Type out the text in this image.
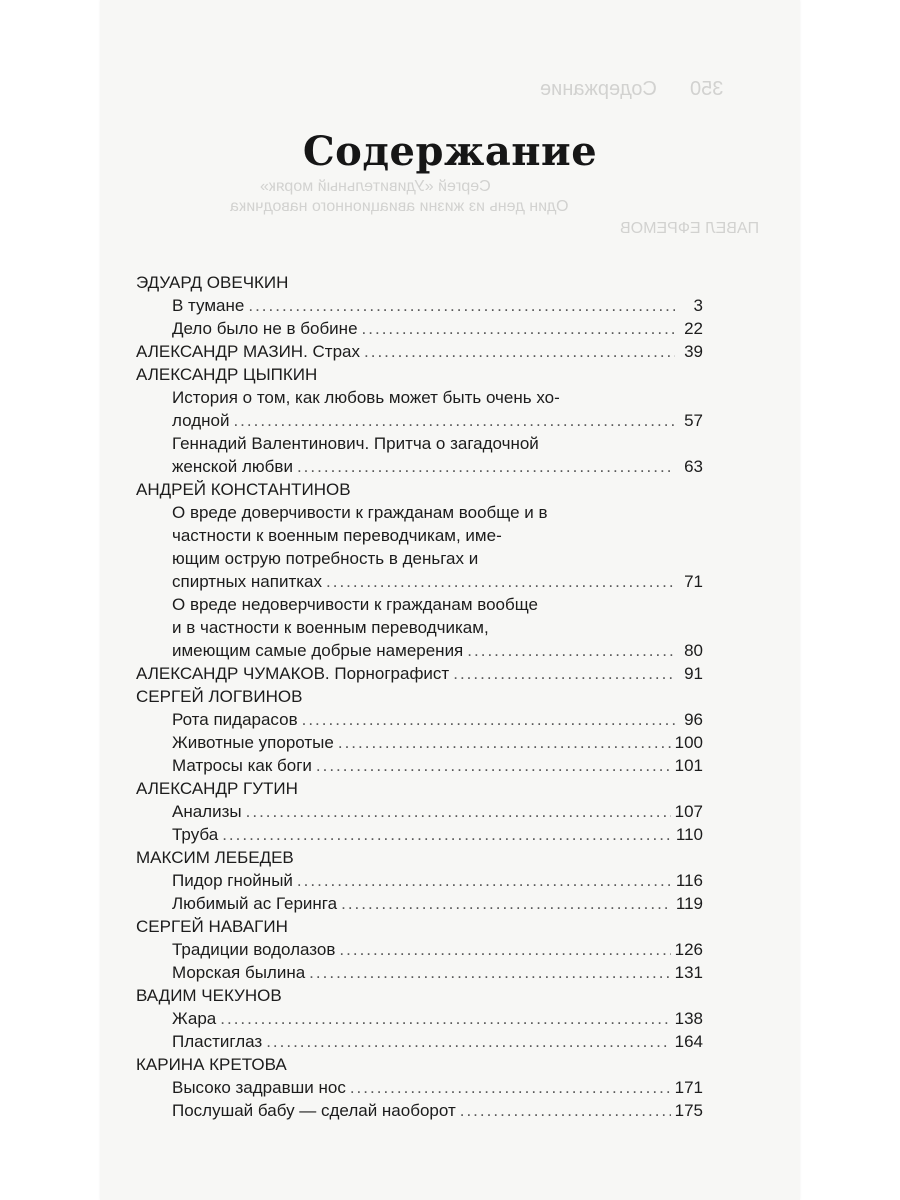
350
Содержание
Сергей «Удивительный моряк»
Один день из жизни авиационного наводчика
ПАВЕЛ ЕФРЕМОВ
Содержание
ЭДУАРД ОВЕЧКИН
В тумане .....	3
Дело было не в бобине .....	22
АЛЕКСАНДР МАЗИН. Страх .....	39
АЛЕКСАНДР ЦЫПКИН
История о том, как любовь может быть очень хо-
лодной .....	57
Геннадий Валентинович. Притча о загадочной
женской любви .....	63
АНДРЕЙ КОНСТАНТИНОВ
О вреде доверчивости к гражданам вообще и в
частности к военным переводчикам, име-
ющим острую потребность в деньгах и
спиртных напитках .....	71
О вреде недоверчивости к гражданам вообще
и в частности к военным переводчикам,
имеющим самые добрые намерения .....	80
АЛЕКСАНДР ЧУМАКОВ. Порнографист .....	91
СЕРГЕЙ ЛОГВИНОВ
Рота пидарасов .....	96
Животные упоротые .....	100
Матросы как боги .....	101
АЛЕКСАНДР ГУТИН
Анализы .....	107
Труба .....	110
МАКСИМ ЛЕБЕДЕВ
Пидор гнойный .....	116
Любимый ас Геринга .....	119
СЕРГЕЙ НАВАГИН
Традиции водолазов .....	126
Морская былина .....	131
ВАДИМ ЧЕКУНОВ
Жара .....	138
Пластиглаз .....	164
КАРИНА КРЕТОВА
Высоко задравши нос .....	171
Послушай бабу — сделай наоборот .....	175
